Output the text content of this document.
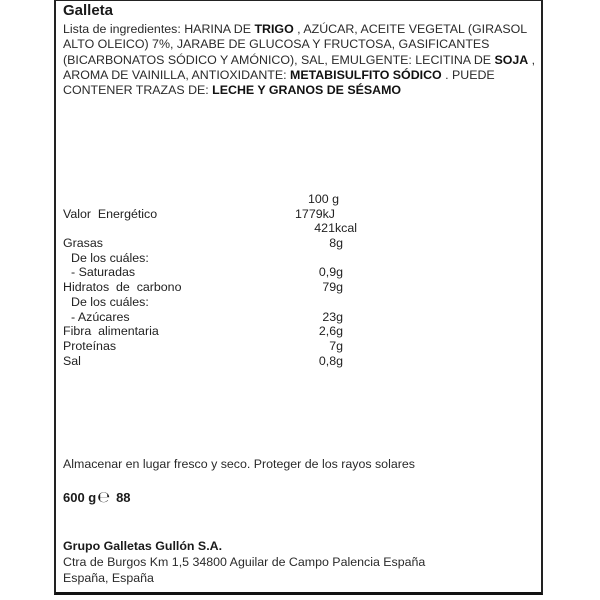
Galleta
Lista de ingredientes: HARINA DE TRIGO , AZÚCAR, ACEITE VEGETAL (GIRASOL ALTO OLEICO) 7%, JARABE DE GLUCOSA Y FRUCTOSA, GASIFICANTES (BICARBONATOS SÓDICO Y AMÓNICO), SAL, EMULGENTE: LECITINA DE SOJA , AROMA DE VAINILLA, ANTIOXIDANTE: METABISULFITO SÓDICO . PUEDE CONTENER TRAZAS DE: LECHE Y GRANOS DE SÉSAMO
100 g
Valor  Energético	1779kJ
421kcal
Grasas	8g
De los cuáles:
- Saturadas	0,9g
Hidratos  de  carbono	79g
De los cuáles:
- Azúcares	23g
Fibra  alimentaria	2,6g
Proteínas	7g
Sal	0,8g
Almacenar en lugar fresco y seco. Proteger de los rayos solares
600 g℮ 88
Grupo Galletas Gullón S.A.
Ctra de Burgos Km 1,5 34800 Aguilar de Campo Palencia España
España, España
